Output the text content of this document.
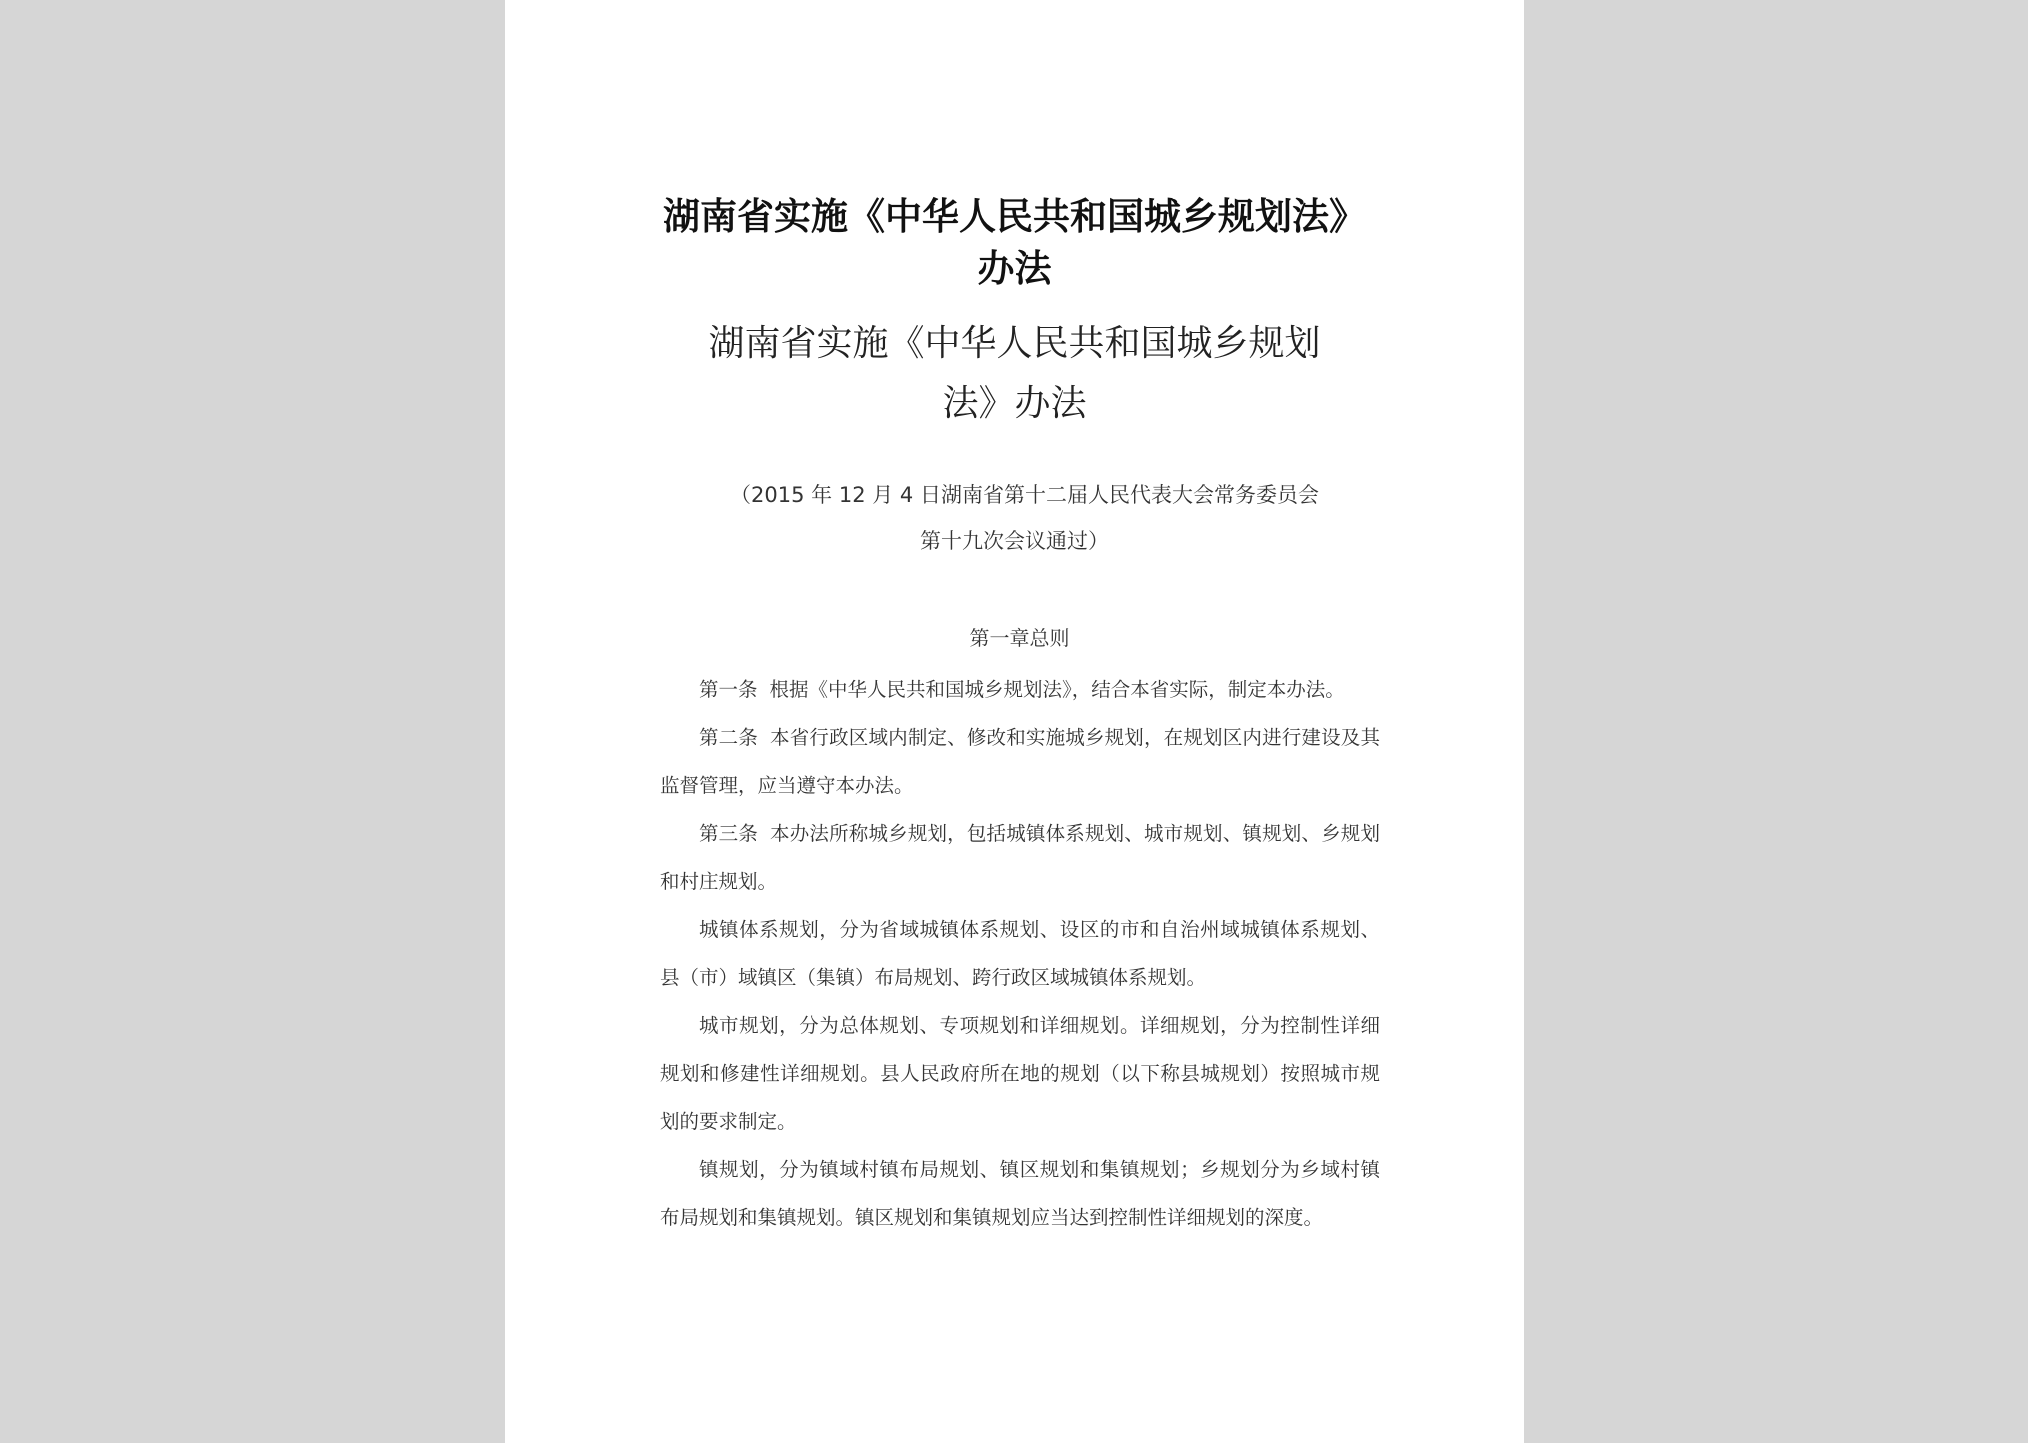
湖南省实施《中华人民共和国城乡规划法》
办法
湖南省实施《中华人民共和国城乡规划
法》办法
（2015 年 12 月 4 日湖南省第十二届人民代表大会常务委员会
第十九次会议通过）
第一章总则

第一条 根据《中华人民共和国城乡规划法》，结合本省实际，制定本办法。

第二条 本省行政区域内制定、修改和实施城乡规划，在规划区内进行建设及其监督管理，应当遵守本办法。

第三条 本办法所称城乡规划，包括城镇体系规划、城市规划、镇规划、乡规划和村庄规划。

城镇体系规划，分为省域城镇体系规划、设区的市和自治州域城镇体系规划、县（市）域镇区（集镇）布局规划、跨行政区域城镇体系规划。

城市规划，分为总体规划、专项规划和详细规划。详细规划，分为控制性详细规划和修建性详细规划。县人民政府所在地的规划（以下称县城规划）按照城市规划的要求制定。

镇规划，分为镇域村镇布局规划、镇区规划和集镇规划；乡规划分为乡域村镇布局规划和集镇规划。镇区规划和集镇规划应当达到控制性详细规划的深度。
